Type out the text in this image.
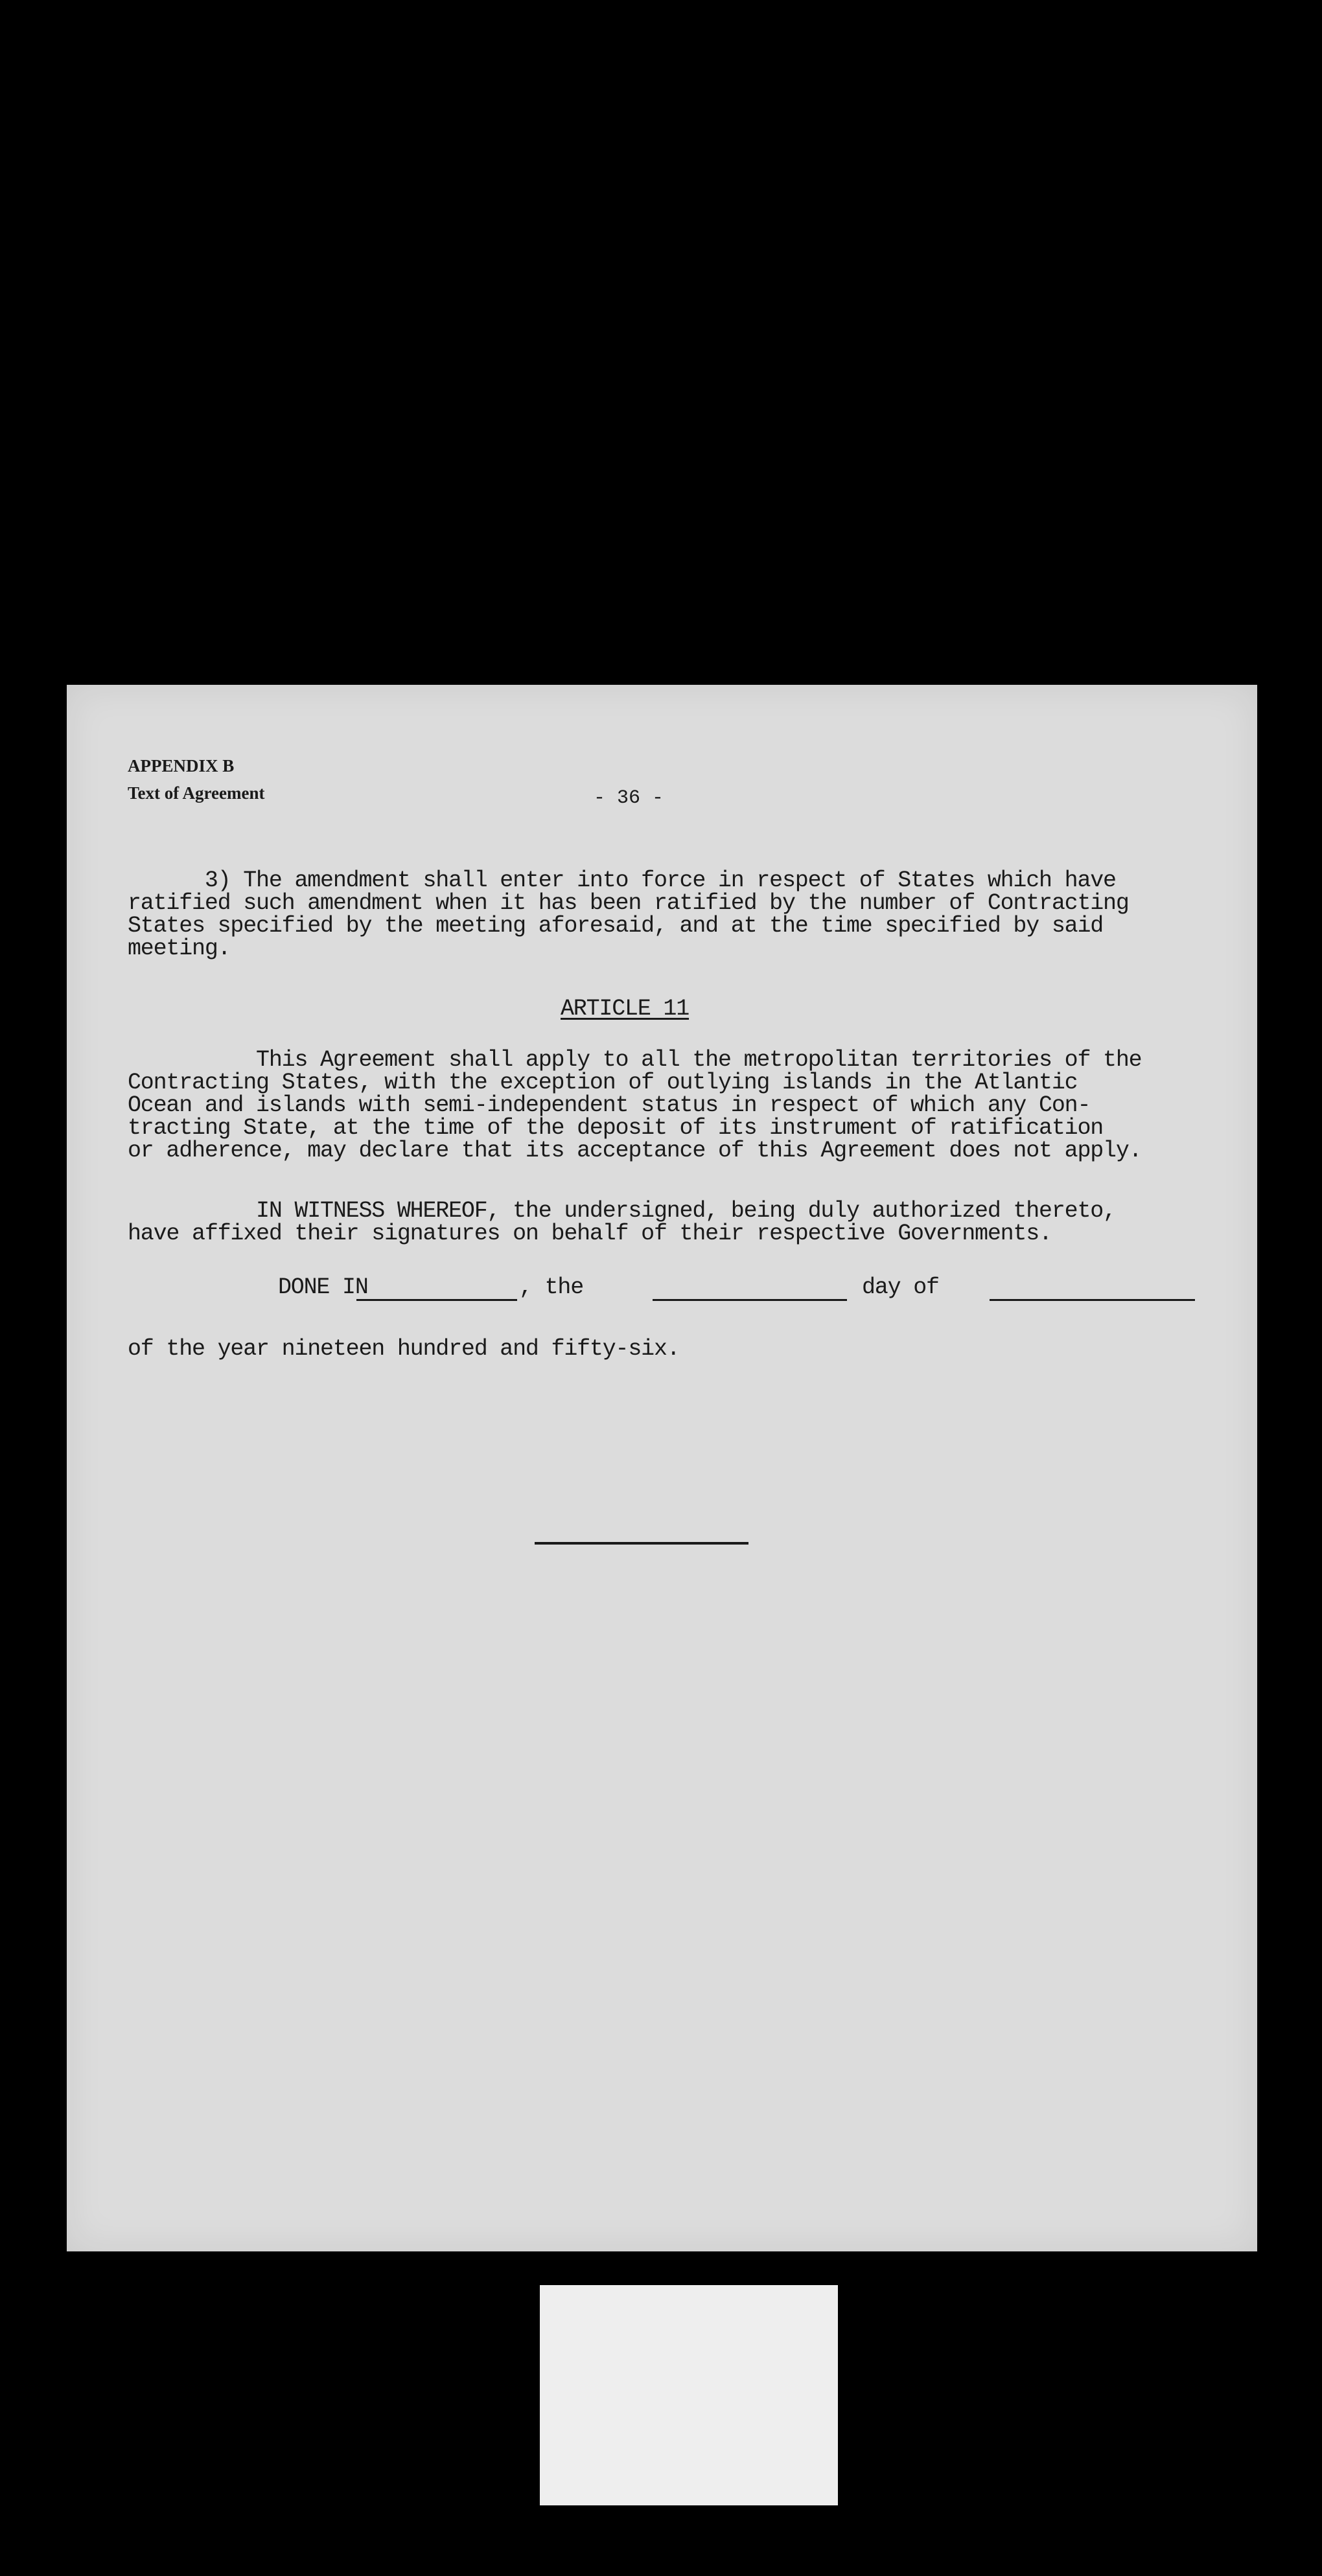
APPENDIX B
Text of Agreement	- 36 -
3) The amendment shall enter into force in respect of States which have
ratified such amendment when it has been ratified by the number of Contracting
States specified by the meeting aforesaid, and at the time specified by said
meeting.
ARTICLE 11
This Agreement shall apply to all the metropolitan territories of the
Contracting States, with the exception of outlying islands in the Atlantic
Ocean and islands with semi-independent status in respect of which any Con-
tracting State, at the time of the deposit of its instrument of ratification
or adherence, may declare that its acceptance of this Agreement does not apply.
IN WITNESS WHEREOF, the undersigned, being duly authorized thereto,
have affixed their signatures on behalf of their respective Governments.
DONE IN	, the	day of
of the year nineteen hundred and fifty-six.
